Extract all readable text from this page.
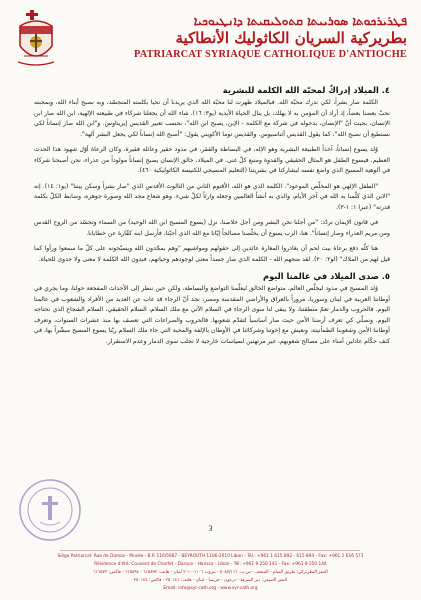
ܦܛܪܝܪܟܘܬܐ ܣܘܪܝܝܬܐ ܩܬܘܠܝܩܝܬܐ ܕܐܢܛܝܘܟܝܐ
بطريركية السريان الكاثوليك الأنطاكية
PATRIARCAT SYRIAQUE CATHOLIQUE D'ANTIOCHE
٤. الميلاد إدراكٌ لمحبّة الله الكلمة للبشرية

الكلمة صار بشراً، لكي ندرك محبّة الله. فبالميلاد ظهرت لنا محبّة الله الذي يريدنا أن نحيا بكلمته المتجسّد، وبه نصبح أبناء الله، وبمحبته نحبّ بعضنا بعضاً، إذ أراد أن المؤمن به لا يهلك، بل ينال الحياة الأبدية (يو٣: ١٦). شاء الله أن يجعلنا شركاء في طبيعته الإلهية، ابن الله صار ابن الإنسان، بحيث أنّ "الإنسان، بدخوله في شركة مع الكلمة - الإبن، يصبح ابن الله"، بحسب تعبير القديس إيريناوس. و"ابن الله صار إنساناً لكي نستطيع أن نصبح الله"، كما يقول القديس أثناسيوس. والقديس توما الأكويني يقول: "أصبح الله إنساناً لكي يجعل البشر آلهة".

وُلد يسوع إنساناً، آخذاً الطبيعة البشرية وهو الإله، في البساطة والفقر، في مذود حقير وعائلة فقيرة، وكان الرعاة أوّل شهود هذا الحدث العظيم. فيسوع الطفل هو المثال الحقيقي والقدوة ومنبع كلّ غنى. في الميلاد، خالق الإنسان يصبح إنساناً مولوداً من عذراء، نحن أصبحنا شركاء في ألوهية المسيح الذي واضع نفسه ليشاركنا في بشريتنا (التعليم المسيحي للكنيسة الكاثوليكية ٤٦٠).

"الطفل الإلهي هو المخلّص الموعود". الكلمة الذي هو الله، الأقنوم الثاني من الثالوث الأقدس الذي "صار بشراً وسكن بيننا" (يو١: ١٤). إنه "الابن الذي كلّمنا به الله في آخر الأيام، والذي به أنشأ العالمين وجعله وارثاً لكلّ شيء. وهو شعاع مجد الله وصورة جوهره، وضابط الكلّ بكلمة قدرته" (عبرا ١: ١-٣).

في قانون الإيمان نردّد: "من أجلنا نحن البشر ومن أجل خلاصنا، نزل (يسوع المسيح ابن الله الوحيد) من السماء وتجسّد من الروح القدس ومن مريم العذراء وصار إنساناً". هنا، الرب يسوع أن يخلّصنا مصالحاً إيّانا مع الله الذي أحبّنا، فأرسل ابنه كفّارة عن خطايانا.

هنا كلّه دفع برعاة بيت لحم أن يغادروا المغارة عائدين إلى حقولهم ومواشيهم "وهم يمجّدون الله ويسبّحونه على كلّ ما سمعوا ورأوا كما قيل لهم من الملاك" (لو٢: ٢٠). لقد منحهم الله - الكلمة الذي صار جسداً معنى لوجودهم وحياتهم، فبدون الله الكلمة لا معنى ولا جدوى للحياة.

٥. صدى الميلاد في عالمنا اليوم

وُلد المسيح في مذود ليخلّص العالم، متواضع الخالق ليعلّمنا التواضع والبساطة، ولكن حين ننظر إلى الأحداث المفجعة حولنا، وما يجري في أوطاننا العربية في لبنان وسوريا، مروراً بالعراق والأراضي المقدسة ومصر، نجد أنّ الرجاء قد غاب عن العديد من الأفراد والشعوب في عالمنا اليوم. فالحروب والدمار تعمّ منطقتنا، ولا يبقى لنا سوى الرجاء في السلام الآتي مع ملك السلام، السلام الحقيقي، السلام الشجاع الذي نحتاجه اليوم. ونصلّي كي تعرف أرضنا الأمن حيث صار أساسياً لتقدّم شعوبها. فالحروب والصراعات التي تعصف بها منذ عشرات السنوات، وتعرف أوطاننا الأمن وشعوبنا الطمأنينة، ونعيش مع إخوتنا وشركائنا في الأوطان بالإلفة والمحبة التي جاء ملك السلام ربّنا يسوع المسيح مبشّراً بها، في كنف حكّام عادلين أمناء على مصالح شعوبهم، غير مرتهنين لسياسات خارجية لا تجلب سوى الدمار وعدم الاستقرار.

3
Siège Patriarcal: Rue de Damas - Musée - B.P. 116/5087 - BEYROUTH 1106-2010 Liban - Tél.: +961 1 615 892 - 615 894 - Fax: +961 1 616 573
Résidence d'été: Couvent de Charfet - Daroun - Harissa - Liban - Tél: +961 9 250 141 - Fax: +961 9 250 144
المقر البطريركي: طريق الشام - المتحف - ص.ب. ٥٠٨٧/١١٦ - بيروت ١١٠٦-٢٠١٠ لبنان - هاتف: ٦١٥٨٩٢ - ٦١٥٨٩٤ - فاكس: ٦١٦٥٧٣
المقر الصيفي: دير الشرفة - درعون - حريصا - لبنان - هاتف: ٢٥٠١٤١ - فاكس: ٢٥٠١٤٤
Email: info@syr-cath.org - www.syr-cath.org
